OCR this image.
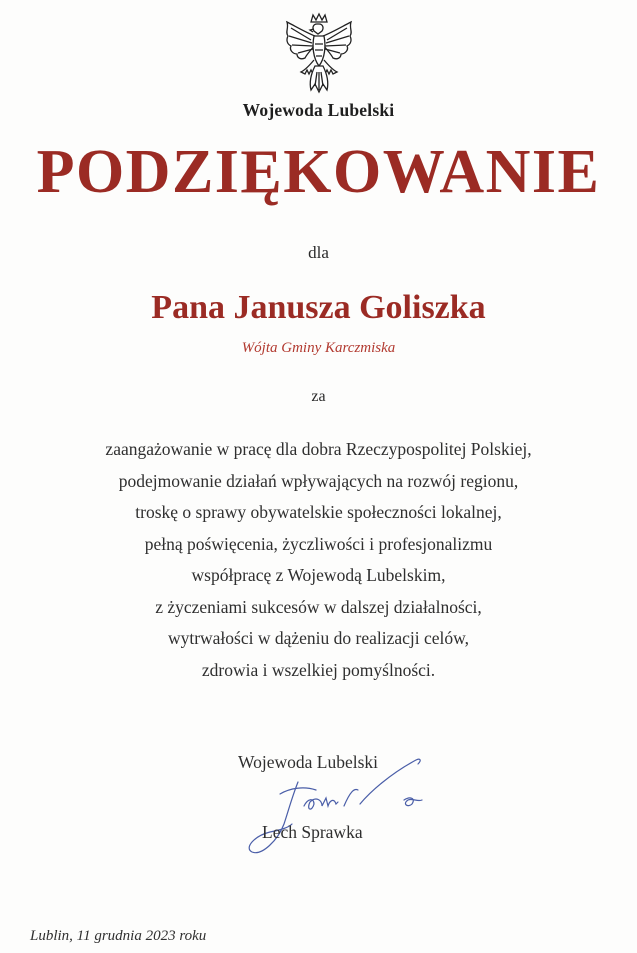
Wojewoda Lubelski
PODZIĘKOWANIE
dla
Pana Janusza Goliszka
Wójta Gminy Karczmiska
za
zaangażowanie w pracę dla dobra Rzeczypospolitej Polskiej,
podejmowanie działań wpływających na rozwój regionu,
troskę o sprawy obywatelskie społeczności lokalnej,
pełną poświęcenia, życzliwości i profesjonalizmu
współpracę z Wojewodą Lubelskim,
z życzeniami sukcesów w dalszej działalności,
wytrwałości w dążeniu do realizacji celów,
zdrowia i wszelkiej pomyślności.
Wojewoda Lubelski
Lech Sprawka
Lublin, 11 grudnia 2023 roku
